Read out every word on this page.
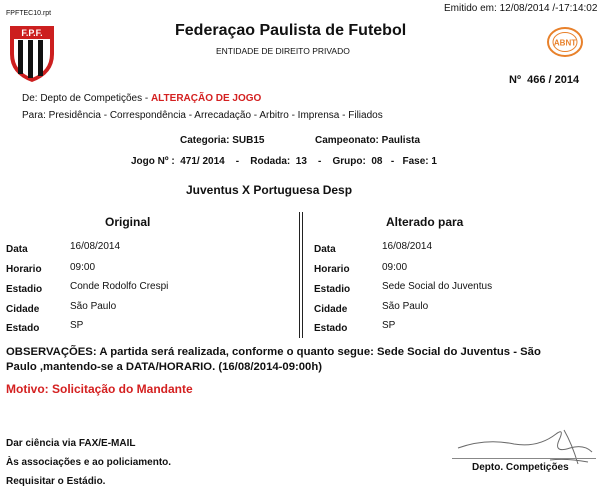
FPFTEC10.rpt	Emitido em: 12/08/2014 /-17:14:02
F.P.F.	Federaçao Paulista de Futebol
ENTIDADE DE DIREITO PRIVADO
ABNT
Nº 466 / 2014
De: Depto de Competições - ALTERAÇÃO DE JOGO
Para: Presidência - Correspondência - Arrecadação - Arbitro - Imprensa - Filiados
Categoria: SUB15	Campeonato: Paulista
Jogo Nº :  471/ 2014    -    Rodada:  13    -    Grupo:  08   -   Fase: 1
Juventus X Portuguesa Desp
Original	Alterado para
Data	16/08/2014
Horario	09:00
Estadio	Conde Rodolfo Crespi
Cidade	São Paulo
Estado	SP
Data	16/08/2014
Horario	09:00
Estadio	Sede Social do Juventus
Cidade	São Paulo
Estado	SP
OBSERVAÇÕES: A partida será realizada, conforme o quanto segue: Sede Social do Juventus - São
Paulo ,mantendo-se a DATA/HORARIO. (16/08/2014-09:00h)
Motivo: Solicitação do Mandante
Dar ciência via FAX/E-MAIL
Às associações e ao policiamento.
Requisitar o Estádio.
Depto. Competições
